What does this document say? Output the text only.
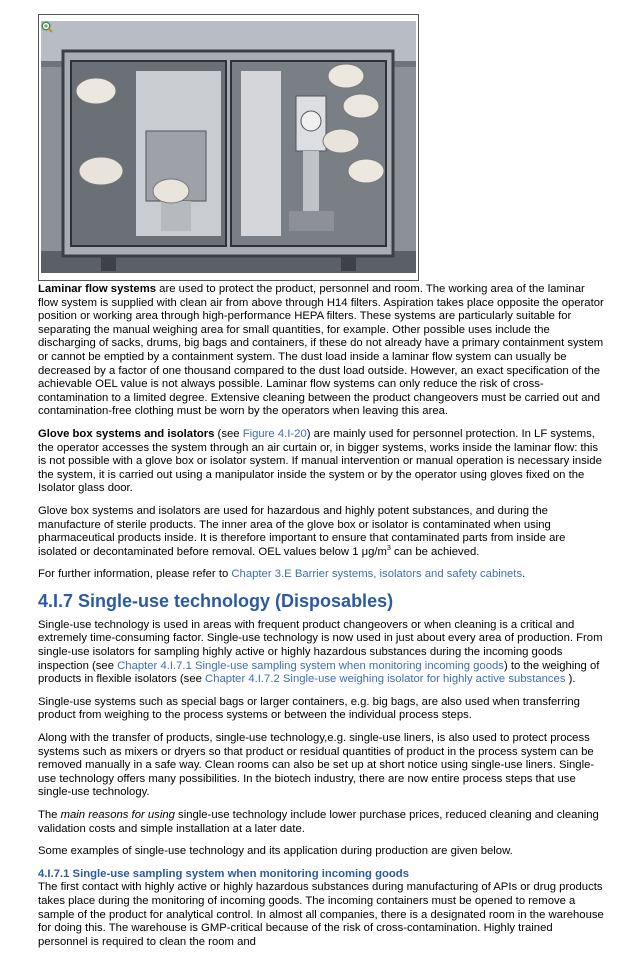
Laminar flow systems are used to protect the product, personnel and room. The working area of the laminar flow system is supplied with clean air from above through H14 filters. Aspiration takes place opposite the operator position or working area through high-performance HEPA filters. These systems are particularly suitable for separating the manual weighing area for small quantities, for example. Other possible uses include the discharging of sacks, drums, big bags and containers, if these do not already have a primary containment system or cannot be emptied by a containment system. The dust load inside a laminar flow system can usually be decreased by a factor of one thousand compared to the dust load outside. However, an exact specification of the achievable OEL value is not always possible. Laminar flow systems can only reduce the risk of cross-contamination to a limited degree. Extensive cleaning between the product changeovers must be carried out and contamination-free clothing must be worn by the operators when leaving this area.

Glove box systems and isolators (see Figure 4.I-20) are mainly used for personnel protection. In LF systems, the operator accesses the system through an air curtain or, in bigger systems, works inside the laminar flow: this is not possible with a glove box or isolator system. If manual intervention or manual operation is necessary inside the system, it is carried out using a manipulator inside the system or by the operator using gloves fixed on the Isolator glass door.

Glove box systems and isolators are used for hazardous and highly potent substances, and during the manufacture of sterile products. The inner area of the glove box or isolator is contaminated when using pharmaceutical products inside. It is therefore important to ensure that contaminated parts from inside are isolated or decontaminated before removal. OEL values below 1 $\mu g/m^3$ can be achieved.

For further information, please refer to Chapter 3.E Barrier systems, isolators and safety cabinets.

4.I.7 Single-use technology (Disposables)

Single-use technology is used in areas with frequent product changeovers or when cleaning is a critical and extremely time-consuming factor. Single-use technology is now used in just about every area of production. From single-use isolators for sampling highly active or highly hazardous substances during the incoming goods inspection (see Chapter 4.I.7.1 Single-use sampling system when monitoring incoming goods) to the weighing of products in flexible isolators (see Chapter 4.I.7.2 Single-use weighing isolator for highly active substances ).

Single-use systems such as special bags or larger containers, e.g. big bags, are also used when transferring product from weighing to the process systems or between the individual process steps.

Along with the transfer of products, single-use technology,e.g. single-use liners, is also used to protect process systems such as mixers or dryers so that product or residual quantities of product in the process system can be removed manually in a safe way. Clean rooms can also be set up at short notice using single-use liners. Single-use technology offers many possibilities. In the biotech industry, there are now entire process steps that use single-use technology.

The main reasons for using single-use technology include lower purchase prices, reduced cleaning and cleaning validation costs and simple installation at a later date.

Some examples of single-use technology and its application during production are given below.

4.I.7.1 Single-use sampling system when monitoring incoming goods

The first contact with highly active or highly hazardous substances during manufacturing of APIs or drug products takes place during the monitoring of incoming goods. The incoming containers must be opened to remove a sample of the product for analytical control. In almost all companies, there is a designated room in the warehouse for doing this. The warehouse is GMP-critical because of the risk of cross-contamination. Highly trained personnel is required to clean the room and
